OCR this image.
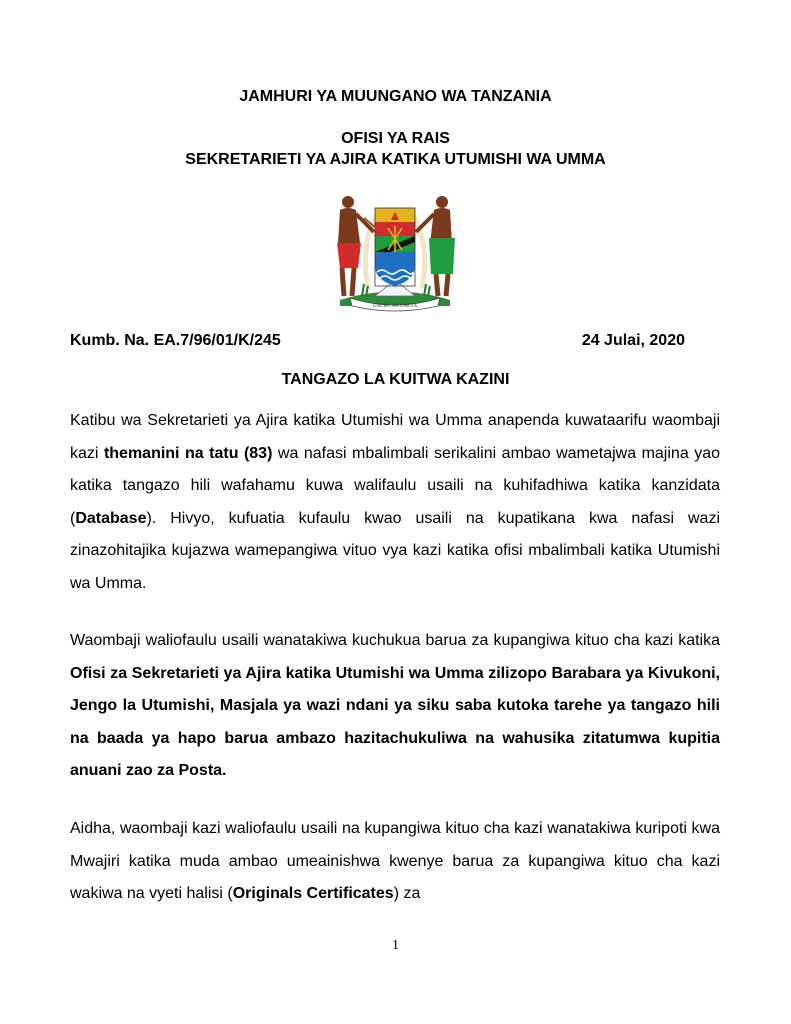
JAMHURI YA MUUNGANO WA TANZANIA
OFISI YA RAIS
SEKRETARIETI YA AJIRA KATIKA UTUMISHI WA UMMA
UHURU NA UMOJA
Kumb. Na. EA.7/96/01/K/245	24 Julai, 2020
TANGAZO LA KUITWA KAZINI
Katibu wa Sekretarieti ya Ajira katika Utumishi wa Umma anapenda kuwataarifu waombaji kazi themanini na tatu (83) wa nafasi mbalimbali serikalini ambao wametajwa majina yao katika tangazo hili wafahamu kuwa walifaulu usaili na kuhifadhiwa katika kanzidata (Database). Hivyo, kufuatia kufaulu kwao usaili na kupatikana kwa nafasi wazi zinazohitajika kujazwa wamepangiwa vituo vya kazi katika ofisi mbalimbali katika Utumishi wa Umma.
Waombaji waliofaulu usaili wanatakiwa kuchukua barua za kupangiwa kituo cha kazi katika Ofisi za Sekretarieti ya Ajira katika Utumishi wa Umma zilizopo Barabara ya Kivukoni, Jengo la Utumishi, Masjala ya wazi ndani ya siku saba kutoka tarehe ya tangazo hili na baada ya hapo barua ambazo hazitachukuliwa na wahusika zitatumwa kupitia anuani zao za Posta.
Aidha, waombaji kazi waliofaulu usaili na kupangiwa kituo cha kazi wanatakiwa kuripoti kwa Mwajiri katika muda ambao umeainishwa kwenye barua za kupangiwa kituo cha kazi wakiwa na vyeti halisi (Originals Certificates) za
1
